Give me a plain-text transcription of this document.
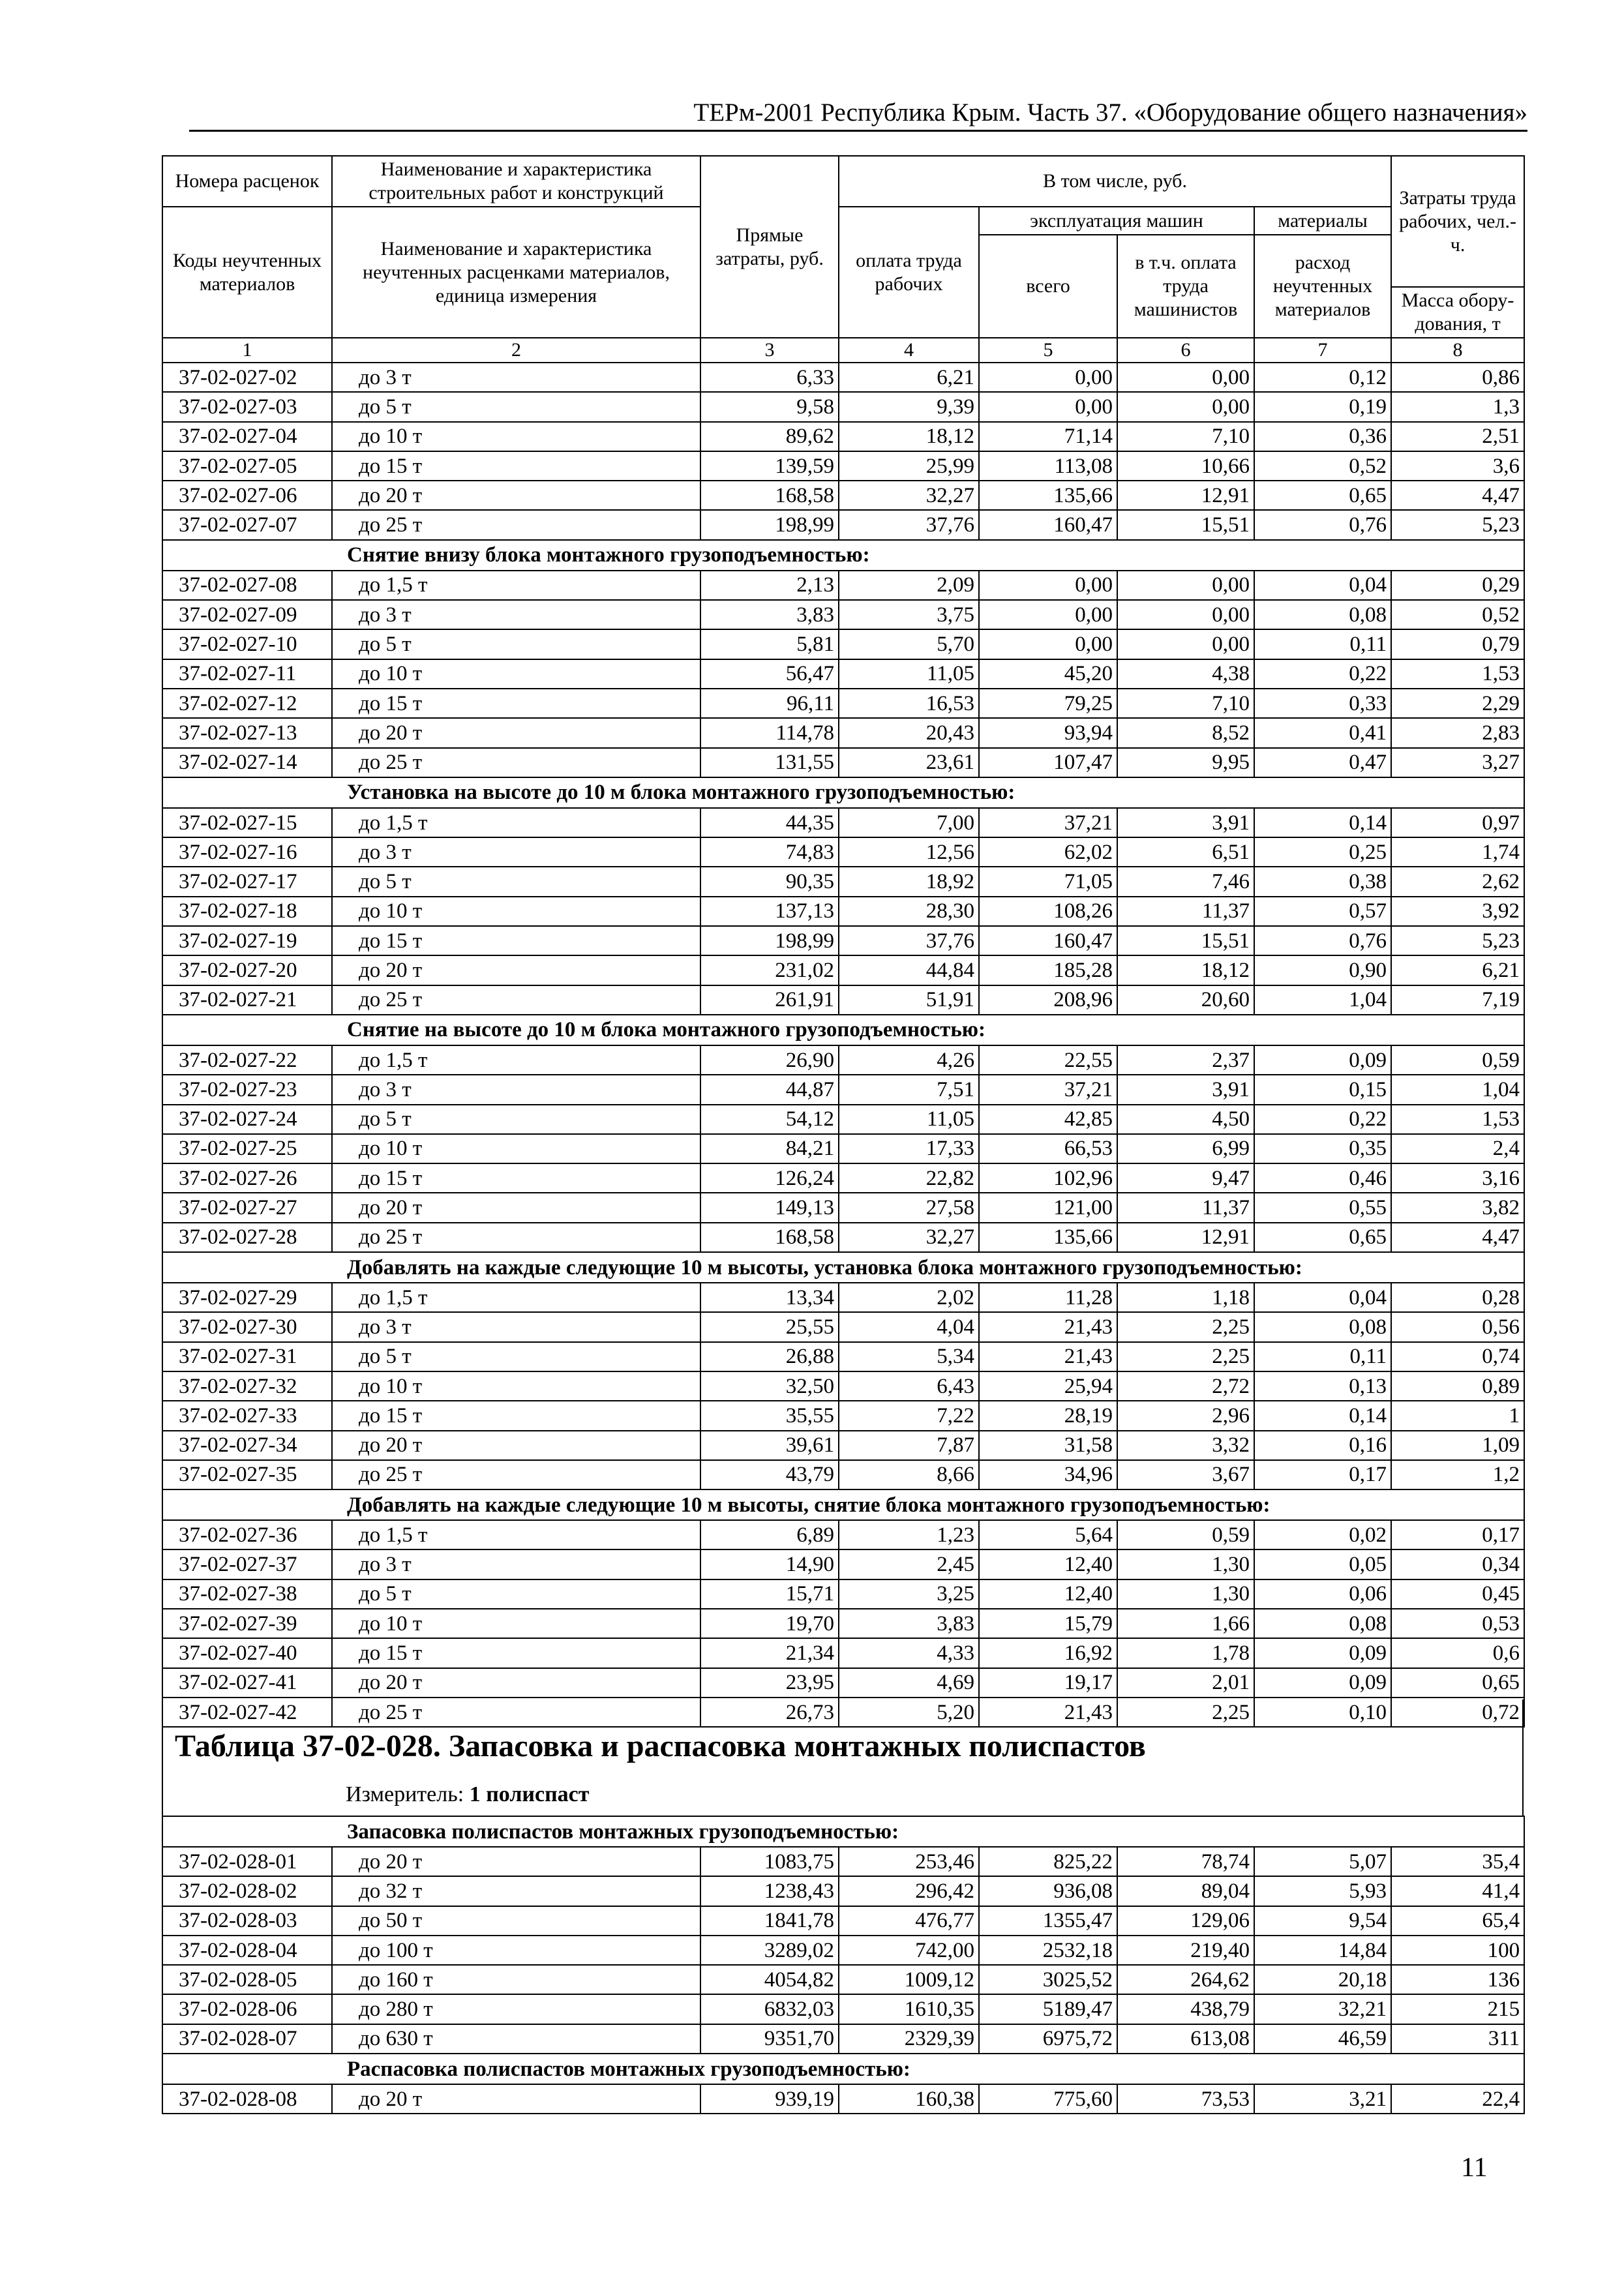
ТЕРм-2001 Республика Крым. Часть 37. «Оборудование общего назначения»
Номера расценок	Наименование и характеристика строительных работ и конструкций	Прямые затраты, руб.	В том числе, руб.				Затраты труда рабочих, чел.-ч.
Коды неучтенных материалов	Наименование и характеристика неучтенных расценками материалов, единица измерения		оплата труда рабочих	эксплуатация машин		материалы	
				всего	в т.ч. оплата труда машинистов	расход неучтенных материалов	
							Масса обору-дования, т
1	2	3	4	5	6	7	8
37-02-027-02	до 3 т	6,33	6,21	0,00	0,00	0,12	0,86
37-02-027-03	до 5 т	9,58	9,39	0,00	0,00	0,19	1,3
37-02-027-04	до 10 т	89,62	18,12	71,14	7,10	0,36	2,51
37-02-027-05	до 15 т	139,59	25,99	113,08	10,66	0,52	3,6
37-02-027-06	до 20 т	168,58	32,27	135,66	12,91	0,65	4,47
37-02-027-07	до 25 т	198,99	37,76	160,47	15,51	0,76	5,23
Снятие внизу блока монтажного грузоподъемностью:							
37-02-027-08	до 1,5 т	2,13	2,09	0,00	0,00	0,04	0,29
37-02-027-09	до 3 т	3,83	3,75	0,00	0,00	0,08	0,52
37-02-027-10	до 5 т	5,81	5,70	0,00	0,00	0,11	0,79
37-02-027-11	до 10 т	56,47	11,05	45,20	4,38	0,22	1,53
37-02-027-12	до 15 т	96,11	16,53	79,25	7,10	0,33	2,29
37-02-027-13	до 20 т	114,78	20,43	93,94	8,52	0,41	2,83
37-02-027-14	до 25 т	131,55	23,61	107,47	9,95	0,47	3,27
Установка на высоте до 10 м блока монтажного грузоподъемностью:							
37-02-027-15	до 1,5 т	44,35	7,00	37,21	3,91	0,14	0,97
37-02-027-16	до 3 т	74,83	12,56	62,02	6,51	0,25	1,74
37-02-027-17	до 5 т	90,35	18,92	71,05	7,46	0,38	2,62
37-02-027-18	до 10 т	137,13	28,30	108,26	11,37	0,57	3,92
37-02-027-19	до 15 т	198,99	37,76	160,47	15,51	0,76	5,23
37-02-027-20	до 20 т	231,02	44,84	185,28	18,12	0,90	6,21
37-02-027-21	до 25 т	261,91	51,91	208,96	20,60	1,04	7,19
Снятие на высоте до 10 м блока монтажного грузоподъемностью:							
37-02-027-22	до 1,5 т	26,90	4,26	22,55	2,37	0,09	0,59
37-02-027-23	до 3 т	44,87	7,51	37,21	3,91	0,15	1,04
37-02-027-24	до 5 т	54,12	11,05	42,85	4,50	0,22	1,53
37-02-027-25	до 10 т	84,21	17,33	66,53	6,99	0,35	2,4
37-02-027-26	до 15 т	126,24	22,82	102,96	9,47	0,46	3,16
37-02-027-27	до 20 т	149,13	27,58	121,00	11,37	0,55	3,82
37-02-027-28	до 25 т	168,58	32,27	135,66	12,91	0,65	4,47
Добавлять на каждые следующие 10 м высоты, установка блока монтажного грузоподъемностью:							
37-02-027-29	до 1,5 т	13,34	2,02	11,28	1,18	0,04	0,28
37-02-027-30	до 3 т	25,55	4,04	21,43	2,25	0,08	0,56
37-02-027-31	до 5 т	26,88	5,34	21,43	2,25	0,11	0,74
37-02-027-32	до 10 т	32,50	6,43	25,94	2,72	0,13	0,89
37-02-027-33	до 15 т	35,55	7,22	28,19	2,96	0,14	1
37-02-027-34	до 20 т	39,61	7,87	31,58	3,32	0,16	1,09
37-02-027-35	до 25 т	43,79	8,66	34,96	3,67	0,17	1,2
Добавлять на каждые следующие 10 м высоты, снятие блока монтажного грузоподъемностью:							
37-02-027-36	до 1,5 т	6,89	1,23	5,64	0,59	0,02	0,17
37-02-027-37	до 3 т	14,90	2,45	12,40	1,30	0,05	0,34
37-02-027-38	до 5 т	15,71	3,25	12,40	1,30	0,06	0,45
37-02-027-39	до 10 т	19,70	3,83	15,79	1,66	0,08	0,53
37-02-027-40	до 15 т	21,34	4,33	16,92	1,78	0,09	0,6
37-02-027-41	до 20 т	23,95	4,69	19,17	2,01	0,09	0,65
37-02-027-42	до 25 т	26,73	5,20	21,43	2,25	0,10	0,72
Таблица 37-02-028. Запасовка и распасовка монтажных полиспастов
Измеритель: 1 полиспаст
Запасовка полиспастов монтажных грузоподъемностью:							
37-02-028-01	до 20 т	1083,75	253,46	825,22	78,74	5,07	35,4
37-02-028-02	до 32 т	1238,43	296,42	936,08	89,04	5,93	41,4
37-02-028-03	до 50 т	1841,78	476,77	1355,47	129,06	9,54	65,4
37-02-028-04	до 100 т	3289,02	742,00	2532,18	219,40	14,84	100
37-02-028-05	до 160 т	4054,82	1009,12	3025,52	264,62	20,18	136
37-02-028-06	до 280 т	6832,03	1610,35	5189,47	438,79	32,21	215
37-02-028-07	до 630 т	9351,70	2329,39	6975,72	613,08	46,59	311
Распасовка полиспастов монтажных грузоподъемностью:							
37-02-028-08	до 20 т	939,19	160,38	775,60	73,53	3,21	22,4
11
